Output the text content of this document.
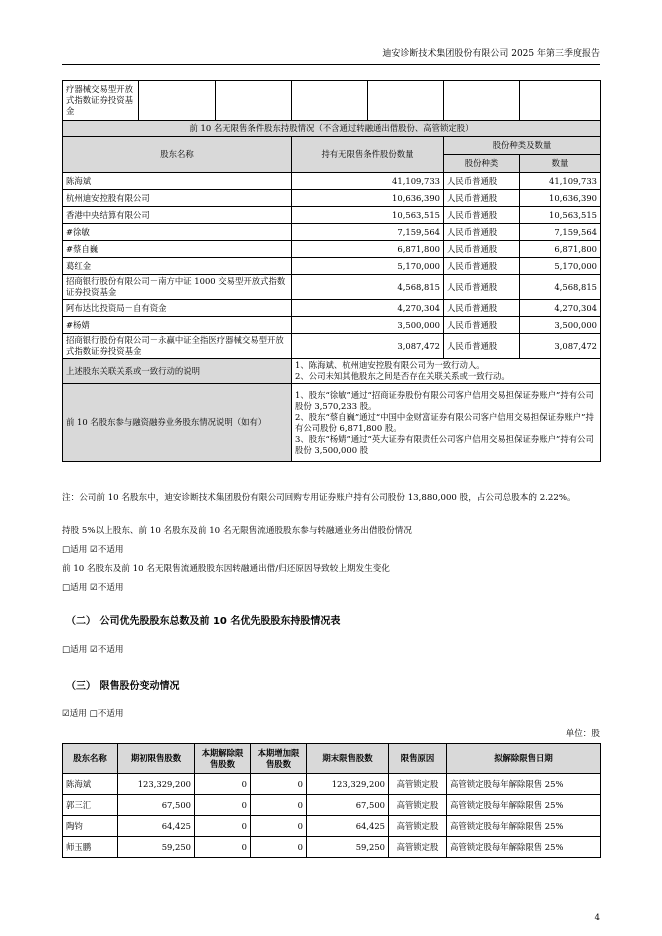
迪安诊断技术集团股份有限公司 2025 年第三季度报告
疗器械交易型开放式指数证券投资基金						
前 10 名无限售条件股东持股情况（不含通过转融通出借股份、高管锁定股）						
股东名称			持有无限售条件股份数量		股份种类及数量	
					股份种类	数量
陈海斌			41,109,733		人民币普通股	41,109,733
杭州迪安控股有限公司			10,636,390		人民币普通股	10,636,390
香港中央结算有限公司			10,563,515		人民币普通股	10,563,515
#徐敏			7,159,564		人民币普通股	7,159,564
#蔡自巍			6,871,800		人民币普通股	6,871,800
葛红金			5,170,000		人民币普通股	5,170,000
招商银行股份有限公司－南方中证 1000 交易型开放式指数证券投资基金			4,568,815		人民币普通股	4,568,815
阿布达比投资局－自有资金			4,270,304		人民币普通股	4,270,304
#杨婧			3,500,000		人民币普通股	3,500,000
招商银行股份有限公司－永赢中证全指医疗器械交易型开放式指数证券投资基金			3,087,472		人民币普通股	3,087,472
上述股东关联关系或一致行动的说明			1、陈海斌、杭州迪安控股有限公司为一致行动人。
2、公司未知其他股东之间是否存在关联关系或一致行动。			

前 10 名股东参与融资融券业务股东情况说明（如有）			1、股东“徐敏”通过“招商证券股份有限公司客户信用交易担保证券账户”持有公司股份 3,570,233 股。
2、股东“蔡自巍”通过“中国中金财富证券有限公司客户信用交易担保证券账户”持有公司股份 6,871,800 股。
3、股东“杨婧”通过“英大证券有限责任公司客户信用交易担保证券账户”持有公司股份 3,500,000 股			
注：公司前 10 名股东中，迪安诊断技术集团股份有限公司回购专用证券账户持有公司股份 13,880,000 股，占公司总股本的 2.22%。
持股 5%以上股东、前 10 名股东及前 10 名无限售流通股股东参与转融通业务出借股份情况
□适用 ☑不适用
前 10 名股东及前 10 名无限售流通股股东因转融通出借/归还原因导致较上期发生变化
□适用 ☑不适用
（二） 公司优先股股东总数及前 10 名优先股股东持股情况表
□适用 ☑不适用
（三） 限售股份变动情况
☑适用 □不适用
单位：股
股东名称	期初限售股数	本期解除限售股数	本期增加限售股数	期末限售股数	限售原因	拟解除限售日期
陈海斌	123,329,200	0	0	123,329,200	高管锁定股	高管锁定股每年解除限售 25%
郭三汇	67,500	0	0	67,500	高管锁定股	高管锁定股每年解除限售 25%
陶钧	64,425	0	0	64,425	高管锁定股	高管锁定股每年解除限售 25%
师玉鹏	59,250	0	0	59,250	高管锁定股	高管锁定股每年解除限售 25%
4
